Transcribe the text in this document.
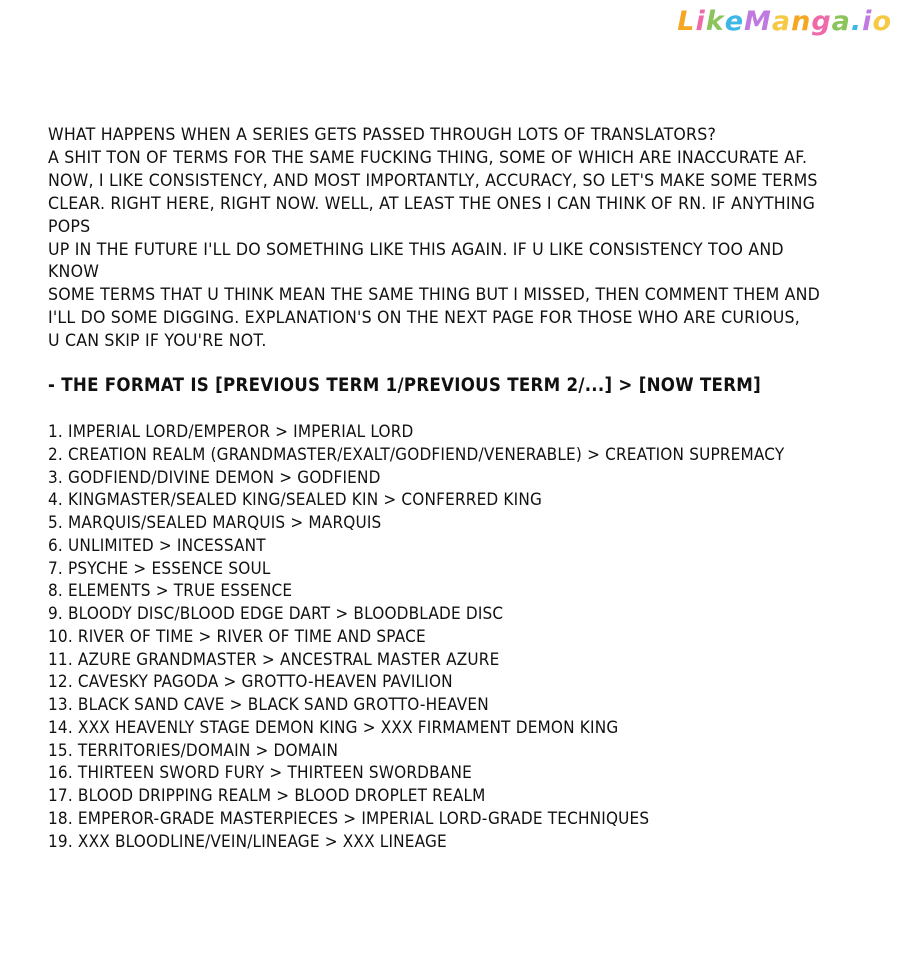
LikeManga.io

WHAT HAPPENS WHEN A SERIES GETS PASSED THROUGH LOTS OF TRANSLATORS?

A SHIT TON OF TERMS FOR THE SAME FUCKING THING, SOME OF WHICH ARE INACCURATE AF.

NOW, I LIKE CONSISTENCY, AND MOST IMPORTANTLY, ACCURACY, SO LET'S MAKE SOME TERMS

CLEAR. RIGHT HERE, RIGHT NOW. WELL, AT LEAST THE ONES I CAN THINK OF RN. IF ANYTHING POPS

UP IN THE FUTURE I'LL DO SOMETHING LIKE THIS AGAIN. IF U LIKE CONSISTENCY TOO AND KNOW

SOME TERMS THAT U THINK MEAN THE SAME THING BUT I MISSED, THEN COMMENT THEM AND

I'LL DO SOME DIGGING. EXPLANATION'S ON THE NEXT PAGE FOR THOSE WHO ARE CURIOUS,

U CAN SKIP IF YOU'RE NOT.

- THE FORMAT IS [PREVIOUS TERM 1/PREVIOUS TERM 2/...] > [NOW TERM]
1. IMPERIAL LORD/EMPEROR > IMPERIAL LORD
2. CREATION REALM (GRANDMASTER/EXALT/GODFIEND/VENERABLE) > CREATION SUPREMACY
3. GODFIEND/DIVINE DEMON > GODFIEND
4. KINGMASTER/SEALED KING/SEALED KIN > CONFERRED KING
5. MARQUIS/SEALED MARQUIS > MARQUIS
6. UNLIMITED > INCESSANT
7. PSYCHE > ESSENCE SOUL
8. ELEMENTS > TRUE ESSENCE
9. BLOODY DISC/BLOOD EDGE DART > BLOODBLADE DISC
10. RIVER OF TIME > RIVER OF TIME AND SPACE
11. AZURE GRANDMASTER > ANCESTRAL MASTER AZURE
12. CAVESKY PAGODA > GROTTO-HEAVEN PAVILION
13. BLACK SAND CAVE > BLACK SAND GROTTO-HEAVEN
14. XXX HEAVENLY STAGE DEMON KING > XXX FIRMAMENT DEMON KING
15. TERRITORIES/DOMAIN > DOMAIN
16. THIRTEEN SWORD FURY > THIRTEEN SWORDBANE
17. BLOOD DRIPPING REALM > BLOOD DROPLET REALM
18. EMPEROR-GRADE MASTERPIECES > IMPERIAL LORD-GRADE TECHNIQUES
19. XXX BLOODLINE/VEIN/LINEAGE > XXX LINEAGE
